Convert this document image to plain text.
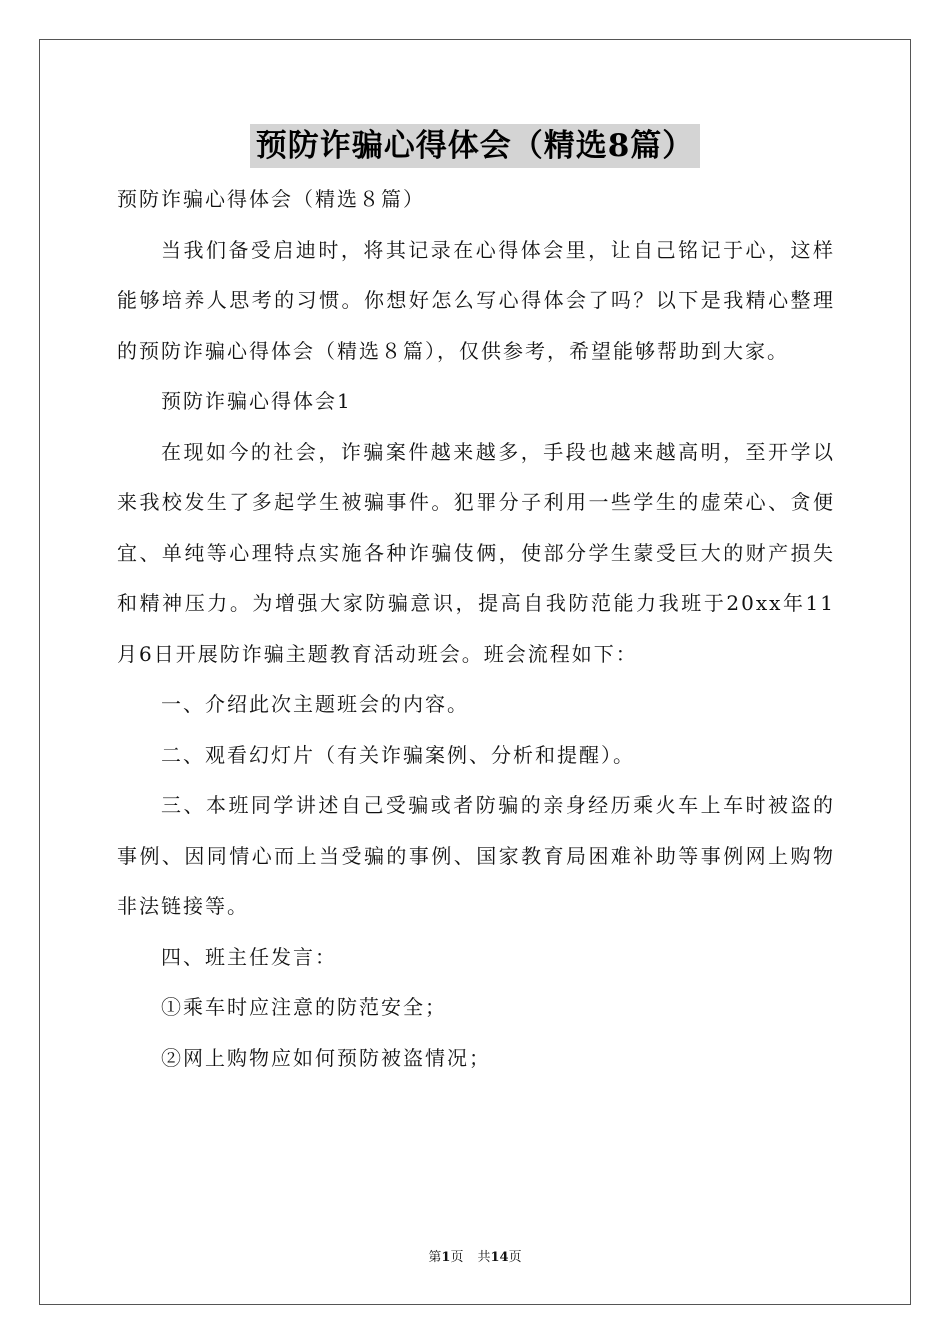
预防诈骗心得体会（精选8篇）

预防诈骗心得体会（精选８篇）

当我们备受启迪时，将其记录在心得体会里，让自己铭记于心，这样能够培养人思考的习惯。你想好怎么写心得体会了吗？以下是我精心整理的预防诈骗心得体会（精选８篇），仅供参考，希望能够帮助到大家。

预防诈骗心得体会1

在现如今的社会，诈骗案件越来越多，手段也越来越高明，至开学以来我校发生了多起学生被骗事件。犯罪分子利用一些学生的虚荣心、贪便宜、单纯等心理特点实施各种诈骗伎俩，使部分学生蒙受巨大的财产损失和精神压力。为增强大家防骗意识，提高自我防范能力我班于20xx年11月6日开展防诈骗主题教育活动班会。班会流程如下：

一、介绍此次主题班会的内容。

二、观看幻灯片（有关诈骗案例、分析和提醒）。

三、本班同学讲述自己受骗或者防骗的亲身经历乘火车上车时被盗的事例、因同情心而上当受骗的事例、国家教育局困难补助等事例网上购物非法链接等。

四、班主任发言：

①乘车时应注意的防范安全；

②网上购物应如何预防被盗情况；

第1页 共14页
